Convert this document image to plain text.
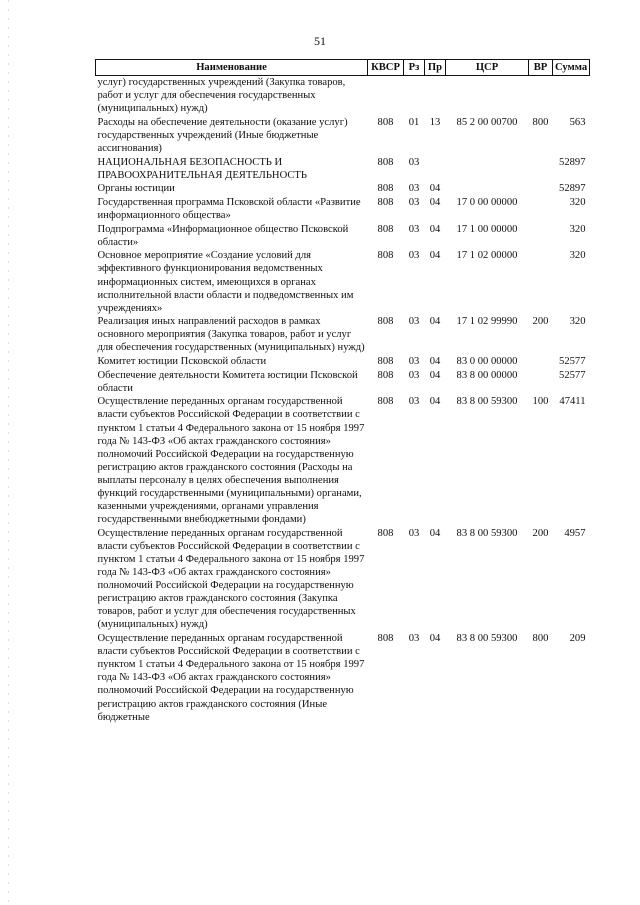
51
Наименование	КВСР	Рз	Пр	ЦСР	ВР	Сумма
услуг) государственных учреждений (Закупка товаров, работ и услуг для обеспечения государственных (муниципальных) нужд)						
Расходы на обеспечение деятельности (оказание услуг) государственных учреждений (Иные бюджетные ассигнования)	808	01	13	85 2 00 00700	800	563
НАЦИОНАЛЬНАЯ БЕЗОПАСНОСТЬ И ПРАВООХРАНИТЕЛЬНАЯ ДЕЯТЕЛЬНОСТЬ	808	03				52897
Органы юстиции	808	03	04			52897
Государственная программа Псковской области «Развитие информационного общества»	808	03	04	17 0 00 00000		320
Подпрограмма «Информационное общество Псковской области»	808	03	04	17 1 00 00000		320
Основное мероприятие «Создание условий для эффективного функционирования ведомственных информационных систем, имеющихся в органах исполнительной власти области и подведомственных им учреждениях»	808	03	04	17 1 02 00000		320
Реализация иных направлений расходов в рамках основного мероприятия (Закупка товаров, работ и услуг для обеспечения государственных (муниципальных) нужд)	808	03	04	17 1 02 99990	200	320
Комитет юстиции Псковской области	808	03	04	83 0 00 00000		52577
Обеспечение деятельности Комитета юстиции Псковской области	808	03	04	83 8 00 00000		52577
Осуществление переданных органам государственной власти субъектов Российской Федерации в соответствии с пунктом 1 статьи 4 Федерального закона от 15 ноября 1997 года № 143-ФЗ «Об актах гражданского состояния» полномочий Российской Федерации на государственную регистрацию актов гражданского состояния (Расходы на выплаты персоналу в целях обеспечения выполнения функций государственными (муниципальными) органами, казенными учреждениями, органами управления государственными внебюджетными фондами)	808	03	04	83 8 00 59300	100	47411
Осуществление переданных органам государственной власти субъектов Российской Федерации в соответствии с пунктом 1 статьи 4 Федерального закона от 15 ноября 1997 года № 143-ФЗ «Об актах гражданского состояния» полномочий Российской Федерации на государственную регистрацию актов гражданского состояния (Закупка товаров, работ и услуг для обеспечения государственных (муниципальных) нужд)	808	03	04	83 8 00 59300	200	4957
Осуществление переданных органам государственной власти субъектов Российской Федерации в соответствии с пунктом 1 статьи 4 Федерального закона от 15 ноября 1997 года № 143-ФЗ «Об актах гражданского состояния» полномочий Российской Федерации на государственную регистрацию актов гражданского состояния (Иные бюджетные	808	03	04	83 8 00 59300	800	209
